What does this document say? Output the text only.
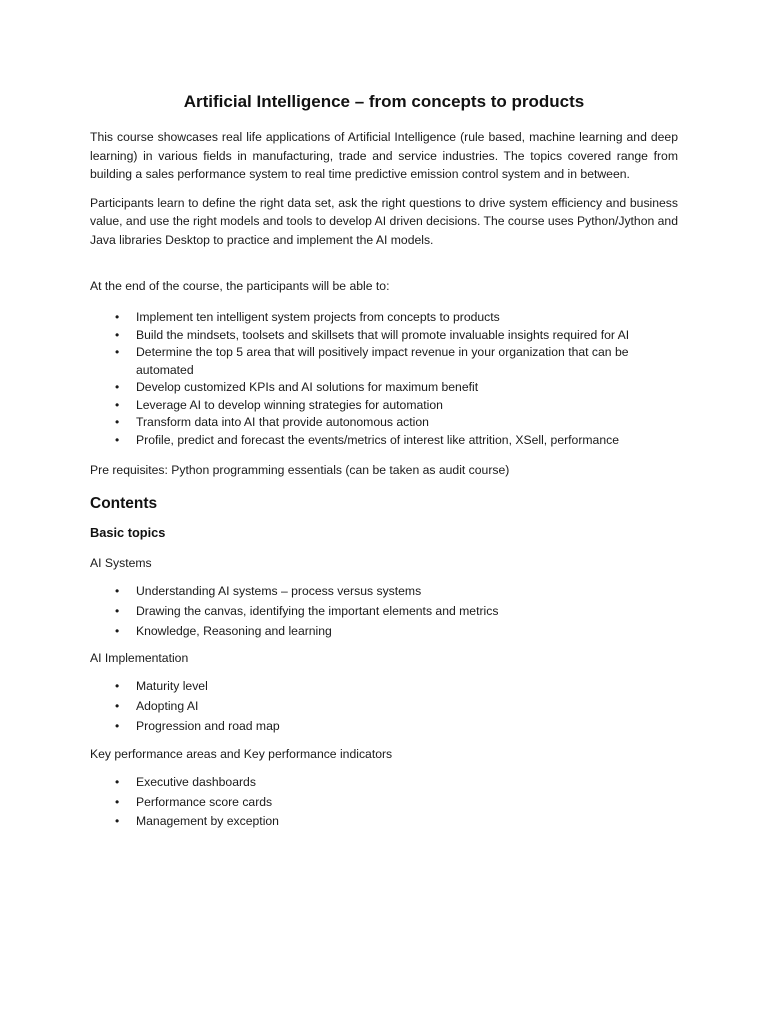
Artificial Intelligence – from concepts to products

This course showcases real life applications of Artificial Intelligence (rule based, machine learning and deep learning) in various fields in manufacturing, trade and service industries. The topics covered range from building a sales performance system to real time predictive emission control system and in between.

Participants learn to define the right data set, ask the right questions to drive system efficiency and business value, and use the right models and tools to develop AI driven decisions. The course uses Python/Jython and Java libraries Desktop to practice and implement the AI models.

At the end of the course, the participants will be able to:

• Implement ten intelligent system projects from concepts to products
• Build the mindsets, toolsets and skillsets that will promote invaluable insights required for AI
• Determine the top 5 area that will positively impact revenue in your organization that can be automated
• Develop customized KPIs and AI solutions for maximum benefit
• Leverage AI to develop winning strategies for automation
• Transform data into AI that provide autonomous action
• Profile, predict and forecast the events/metrics of interest like attrition, XSell, performance

Pre requisites: Python programming essentials (can be taken as audit course)

Contents
Basic topics

AI Systems

• Understanding AI systems – process versus systems
• Drawing the canvas, identifying the important elements and metrics
• Knowledge, Reasoning and learning

AI Implementation

• Maturity level
• Adopting AI
• Progression and road map

Key performance areas and Key performance indicators

• Executive dashboards
• Performance score cards
• Management by exception
